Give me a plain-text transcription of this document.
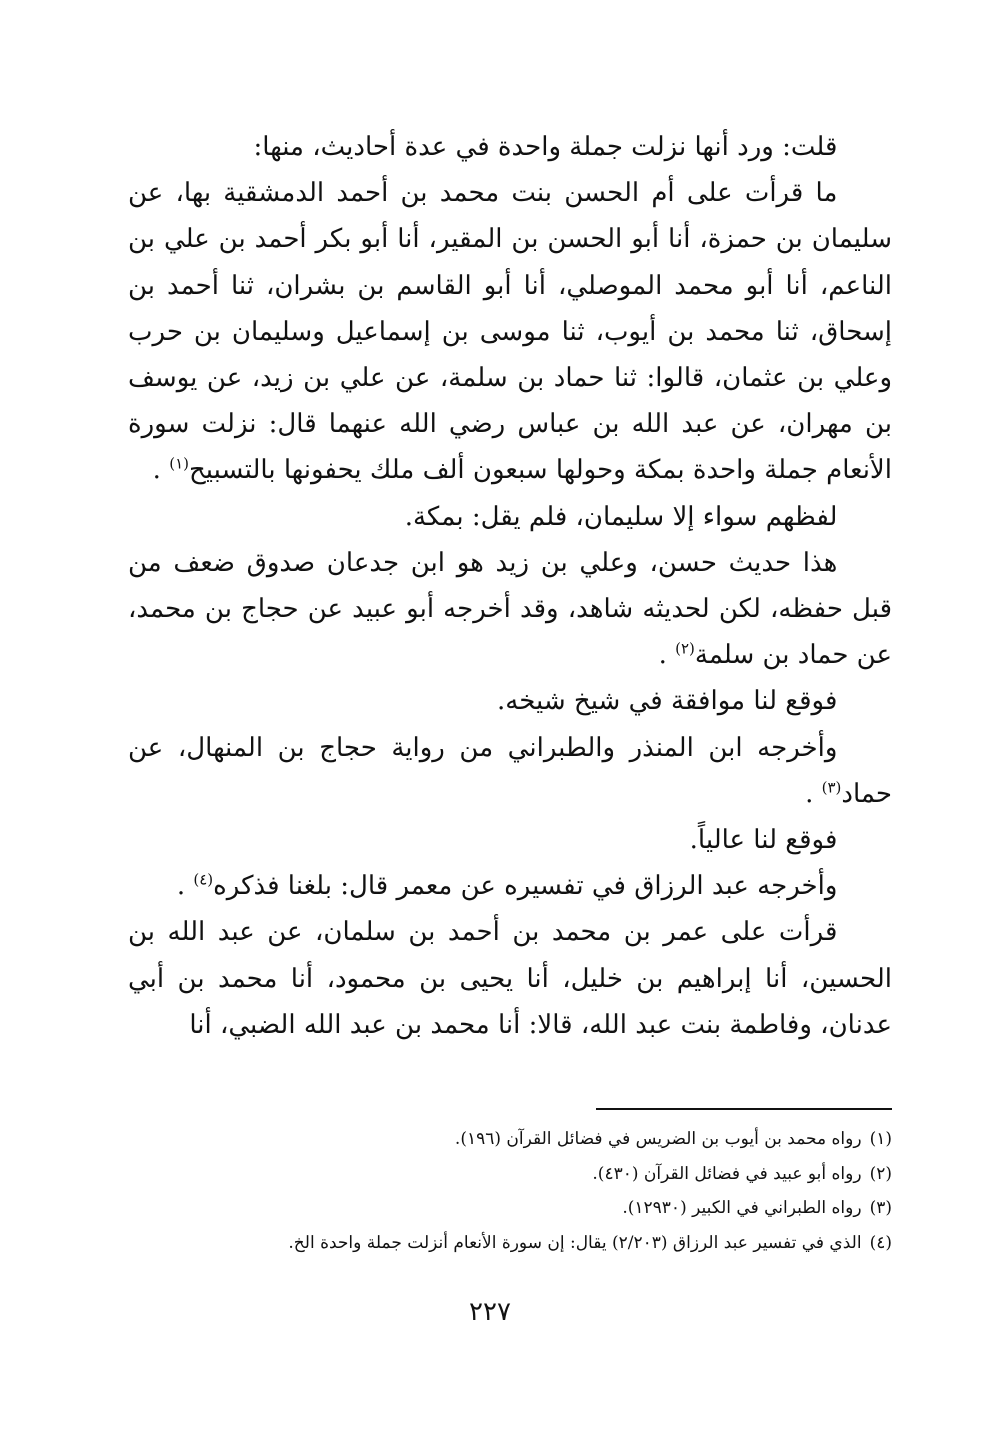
قلت: ورد أنها نزلت جملة واحدة في عدة أحاديث، منها:

ما قرأت على أم الحسن بنت محمد بن أحمد الدمشقية بها، عن سليمان بن حمزة، أنا أبو الحسن بن المقير، أنا أبو بكر أحمد بن علي بن الناعم، أنا أبو محمد الموصلي، أنا أبو القاسم بن بشران، ثنا أحمد بن إسحاق، ثنا محمد بن أيوب، ثنا موسى بن إسماعيل وسليمان بن حرب وعلي بن عثمان، قالوا: ثنا حماد بن سلمة، عن علي بن زيد، عن يوسف بن مهران، عن عبد الله بن عباس رضي الله عنهما قال: نزلت سورة الأنعام جملة واحدة بمكة وحولها سبعون ألف ملك يحفونها بالتسبيح$^{(١)}$ .

لفظهم سواء إلا سليمان، فلم يقل: بمكة.

هذا حديث حسن، وعلي بن زيد هو ابن جدعان صدوق ضعف من قبل حفظه، لكن لحديثه شاهد، وقد أخرجه أبو عبيد عن حجاج بن محمد، عن حماد بن سلمة$^{(٢)}$ .

فوقع لنا موافقة في شيخ شيخه.

وأخرجه ابن المنذر والطبراني من رواية حجاج بن المنهال، عن حماد$^{(٣)}$ .

فوقع لنا عالياً.

وأخرجه عبد الرزاق في تفسيره عن معمر قال: بلغنا فذكره$^{(٤)}$ .

قرأت على عمر بن محمد بن أحمد بن سلمان، عن عبد الله بن الحسين، أنا إبراهيم بن خليل، أنا يحيى بن محمود، أنا محمد بن أبي عدنان، وفاطمة بنت عبد الله، قالا: أنا محمد بن عبد الله الضبي، أنا

(١)رواه محمد بن أيوب بن الضريس في فضائل القرآن (١٩٦).

(٢)رواه أبو عبيد في فضائل القرآن (٤٣٠).

(٣)رواه الطبراني في الكبير (١٢٩٣٠).

(٤)الذي في تفسير عبد الرزاق (٢/٢٠٣) يقال: إن سورة الأنعام أنزلت جملة واحدة الخ.

٢٢٧
